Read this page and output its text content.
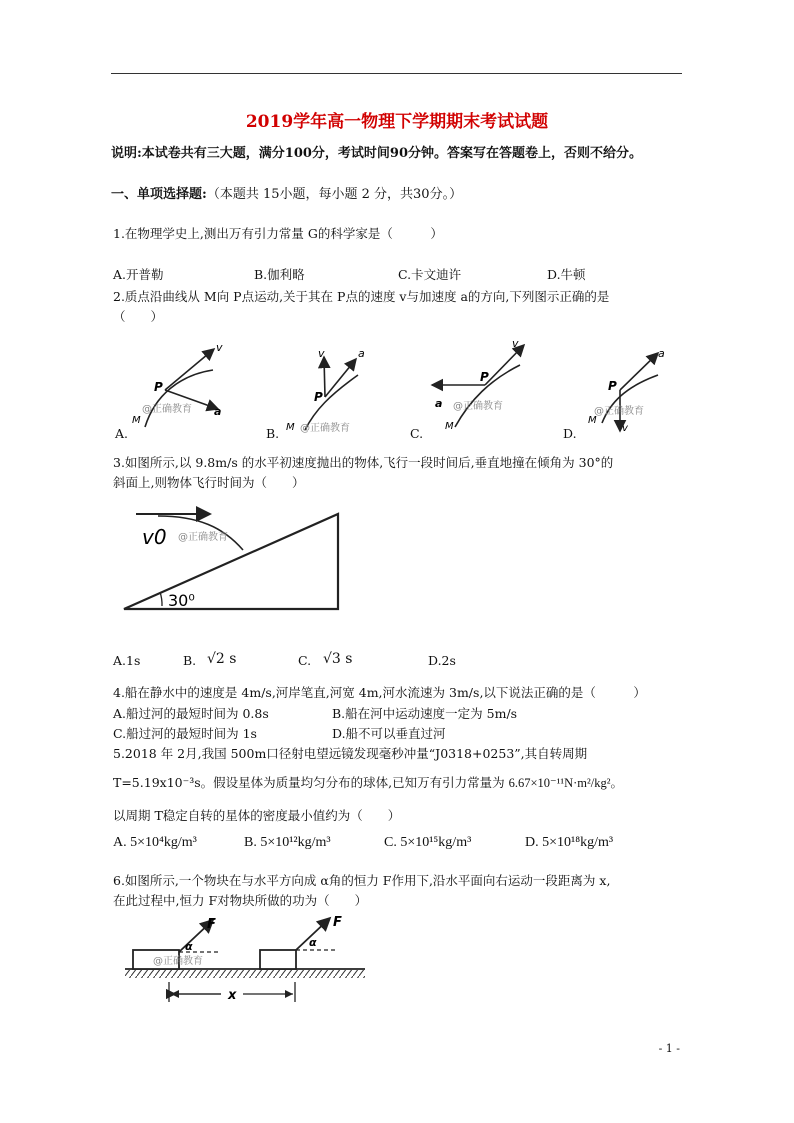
2019学年高一物理下学期期末考试试题
说明:本试卷共有三大题，满分100分，考试时间90分钟。答案写在答题卷上，否则不给分。
一、单项选择题:（本题共 15小题，每小题 2 分，共30分。）
1.在物理学史上,测出万有引力常量 G的科学家是（　　　）
A.开普勒	B.伽利略	C.卡文迪许	D.牛顿
2.质点沿曲线从 M向 P点运动,关于其在 P点的速度 v与加速度 a的方向,下列图示正确的是
（　　）
v
a
P
M
@正确教育
v	a
P
M @正确教育
v
a
P
M
@正确教育
a
v
P
M
@正确教育
A.	B.	C.	D.
3.如图所示,以 9.8m/s 的水平初速度抛出的物体,飞行一段时间后,垂直地撞在倾角为 30°的
斜面上,则物体飞行时间为（　　）
v0 @正确教育
30⁰
A.1s	B. √2 s	C. √3 s	D.2s
4.船在静水中的速度是 4m/s,河岸笔直,河宽 4m,河水流速为 3m/s,以下说法正确的是（　　　）
A.船过河的最短时间为 0.8s	B.船在河中运动速度一定为 5m/s
C.船过河的最短时间为 1s	D.船不可以垂直过河
5.2018 年 2月,我国 500m口径射电望远镜发现毫秒冲量“J0318+0253”,其自转周期
T=5.19x10⁻³s。假设星体为质量均匀分布的球体,已知万有引力常量为 6.67×10⁻¹¹N·m²/kg²。
以周期 T稳定自转的星体的密度最小值约为（　　）
A. 5×10⁴kg/m³	B. 5×10¹²kg/m³	C. 5×10¹⁵kg/m³	D. 5×10¹⁸kg/m³
6.如图所示,一个物块在与水平方向成 α角的恒力 F作用下,沿水平面向右运动一段距离为 x,
在此过程中,恒力 F对物块所做的功为（　　）
F
α
@正确教育
F
α
x
- 1 -
